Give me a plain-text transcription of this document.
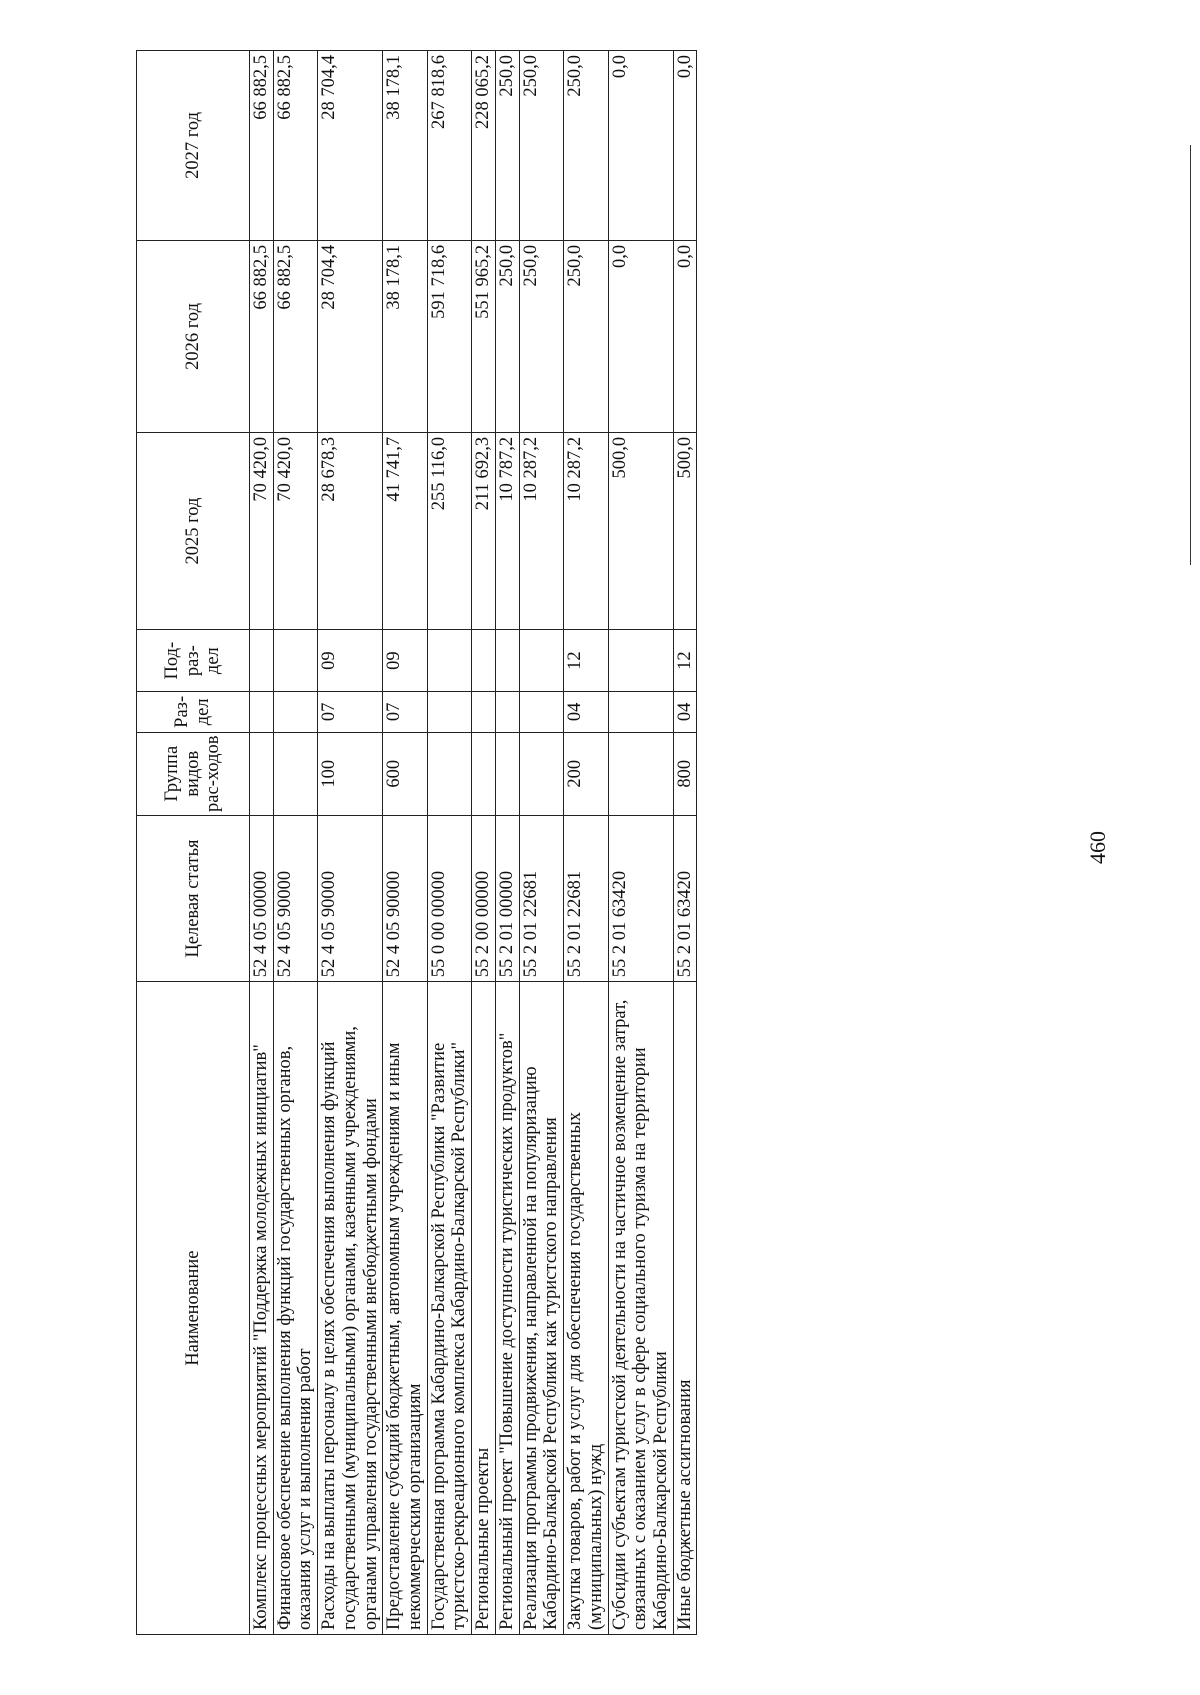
460
Наименование	Целевая статья	Группа видов рас-ходов	Раз-дел	Под-раз-дел	2025 год	2026 год	2027 год
Комплекс процессных мероприятий "Поддержка молодежных инициатив"	52 4 05 00000				70 420,0	66 882,5	66 882,5
Финансовое обеспечение выполнения функций государственных органов, оказания услуг и выполнения работ	52 4 05 90000				70 420,0	66 882,5	66 882,5
Расходы на выплаты персоналу в целях обеспечения выполнения функций государственными (муниципальными) органами, казенными учреждениями, органами управления государственными внебюджетными фондами	52 4 05 90000	100	07	09	28 678,3	28 704,4	28 704,4
Предоставление субсидий бюджетным, автономным учреждениям и иным некоммерческим организациям	52 4 05 90000	600	07	09	41 741,7	38 178,1	38 178,1
Государственная программа Кабардино-Балкарской Республики "Развитие туристско-рекреационного комплекса Кабардино-Балкарской Республики"	55 0 00 00000				255 116,0	591 718,6	267 818,6
Региональные проекты	55 2 00 00000				211 692,3	551 965,2	228 065,2
Региональный проект "Повышение доступности туристических продуктов"	55 2 01 00000				10 787,2	250,0	250,0
Реализация программы продвижения, направленной на популяризацию Кабардино-Балкарской Республики как туристского направления	55 2 01 22681				10 287,2	250,0	250,0
Закупка товаров, работ и услуг для обеспечения государственных (муниципальных) нужд	55 2 01 22681	200	04	12	10 287,2	250,0	250,0
Субсидии субъектам туристской деятельности на частичное возмещение затрат, связанных с оказанием услуг в сфере социального туризма на территории Кабардино-Балкарской Республики	55 2 01 63420				500,0	0,0	0,0
Иные бюджетные ассигнования	55 2 01 63420	800	04	12	500,0	0,0	0,0
